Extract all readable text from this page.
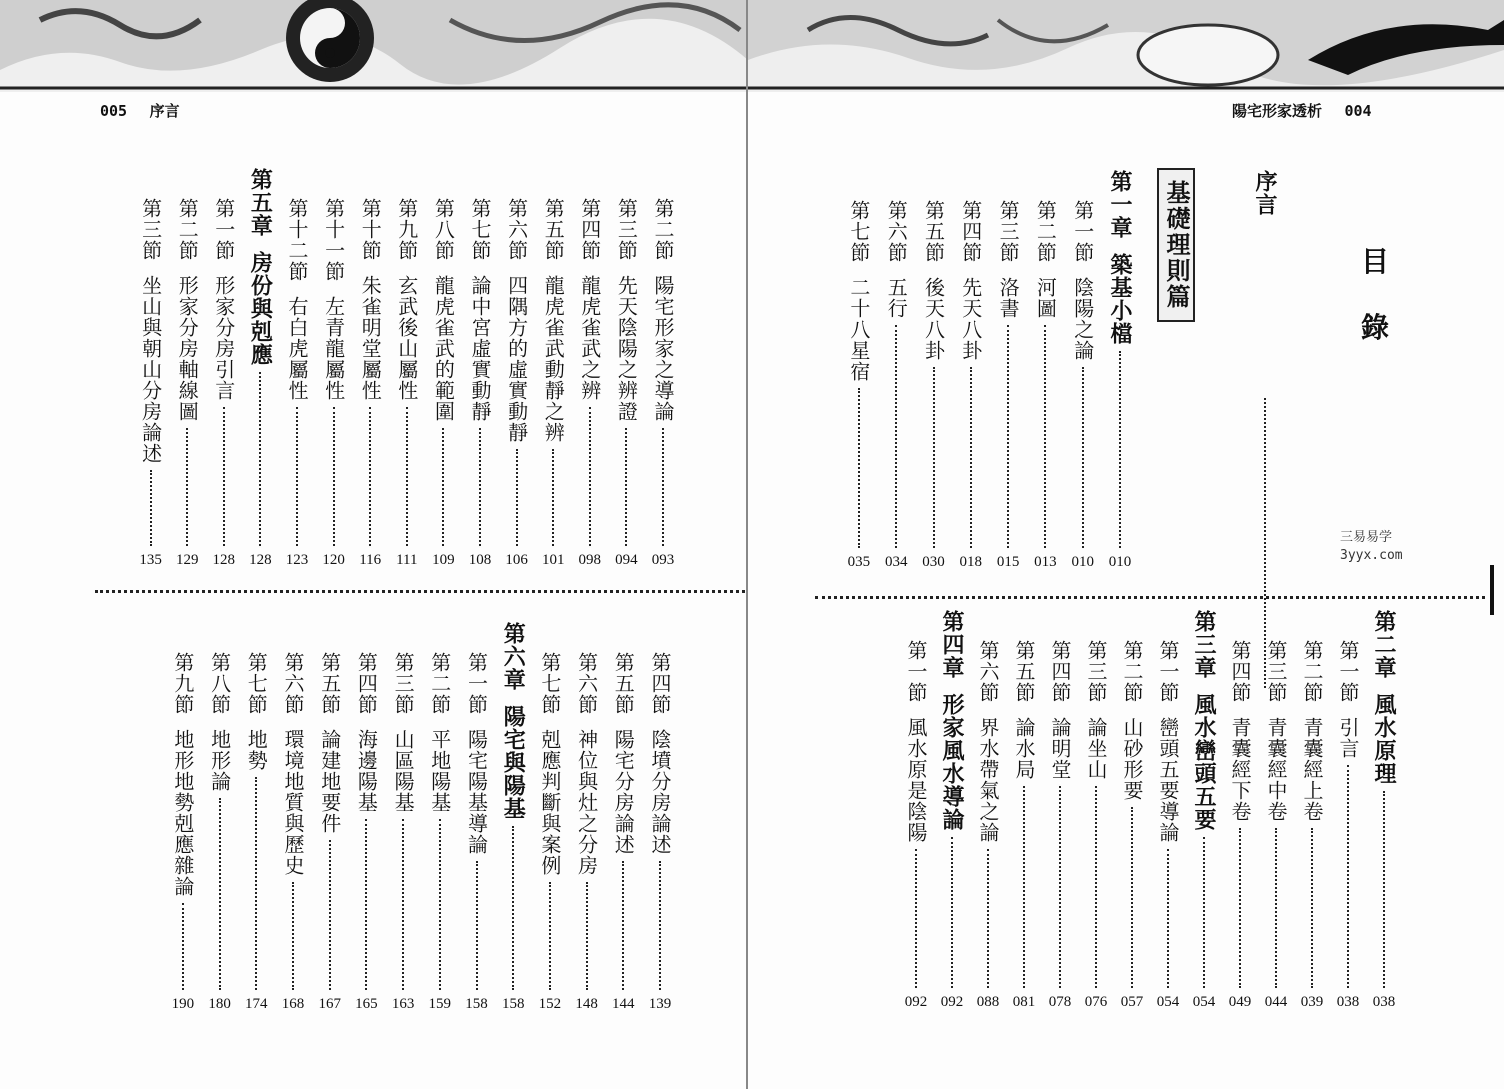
005 序言
第二節陽宅形家之導論
093
第三節先天陰陽之辨證
094
第四節龍虎雀武之辨
098
第五節龍虎雀武動靜之辨
101
第六節四隅方的虛實動靜
106
第七節論中宮虛實動靜
108
第八節龍虎雀武的範圍
109
第九節玄武後山屬性
111
第十節朱雀明堂屬性
116
第十一節左青龍屬性
120
第十二節右白虎屬性
123
第五章房份與剋應
128
第一節形家分房引言
128
第二節形家分房軸線圖
129
第三節坐山與朝山分房論述
135
第四節陰墳分房論述
139
第五節陽宅分房論述
144
第六節神位與灶之分房
148
第七節剋應判斷與案例
152
第六章陽宅與陽基
158
第一節陽宅陽基導論
158
第二節平地陽基
159
第三節山區陽基
163
第四節海邊陽基
165
第五節論建地要件
167
第六節環境地質與歷史
168
第七節地勢
174
第八節地形論
180
第九節地形地勢剋應雜論
190
陽宅形家透析 004
目
錄
基礎理則篇	序言
三易易学
3yyx.com
第一章築基小檔
010
第一節陰陽之論
010
第二節河圖
013
第三節洛書
015
第四節先天八卦
018
第五節後天八卦
030
第六節五行
034
第七節二十八星宿
035
第二章風水原理
038
第一節引言
038
第二節青囊經上卷
039
第三節青囊經中卷
044
第四節青囊經下卷
049
第三章風水巒頭五要
054
第一節巒頭五要導論
054
第二節山砂形要
057
第三節論坐山
076
第四節論明堂
078
第五節論水局
081
第六節界水帶氣之論
088
第四章形家風水導論
092
第一節風水原是陰陽
092
